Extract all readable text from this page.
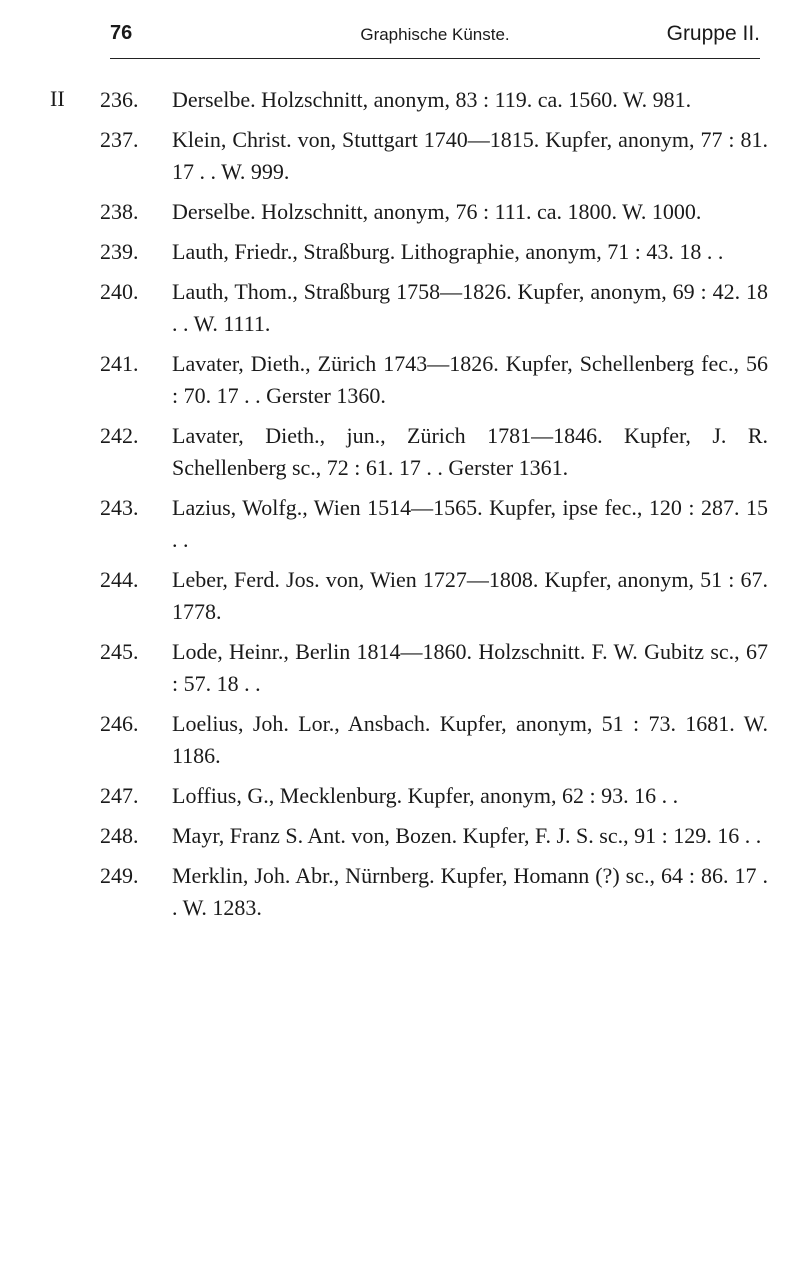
76	Graphische Künste.	Gruppe II.
II 236.	Derselbe. Holzschnitt, anonym, 83 : 119. ca. 1560. W. 981.
237.	Klein, Christ. von, Stuttgart 1740—1815. Kupfer, anonym, 77 : 81. 17 . . W. 999.
238.	Derselbe. Holzschnitt, anonym, 76 : 111. ca. 1800. W. 1000.
239.	Lauth, Friedr., Straßburg. Lithographie, anonym, 71 : 43. 18 . .
240.	Lauth, Thom., Straßburg 1758—1826. Kupfer, anonym, 69 : 42. 18 . . W. 1111.
241.	Lavater, Dieth., Zürich 1743—1826. Kupfer, Schellenberg fec., 56 : 70. 17 . . Gerster 1360.
242.	Lavater, Dieth., jun., Zürich 1781—1846. Kupfer, J. R. Schellenberg sc., 72 : 61. 17 . . Gerster 1361.
243.	Lazius, Wolfg., Wien 1514—1565. Kupfer, ipse fec., 120 : 287. 15 . .
244.	Leber, Ferd. Jos. von, Wien 1727—1808. Kupfer, anonym, 51 : 67. 1778.
245.	Lode, Heinr., Berlin 1814—1860. Holzschnitt. F. W. Gubitz sc., 67 : 57. 18 . .
246.	Loelius, Joh. Lor., Ansbach. Kupfer, anonym, 51 : 73. 1681. W. 1186.
247.	Loffius, G., Mecklenburg. Kupfer, anonym, 62 : 93. 16 . .
248.	Mayr, Franz S. Ant. von, Bozen. Kupfer, F. J. S. sc., 91 : 129. 16 . .
249.	Merklin, Joh. Abr., Nürnberg. Kupfer, Homann (?) sc., 64 : 86. 17 . . W. 1283.
